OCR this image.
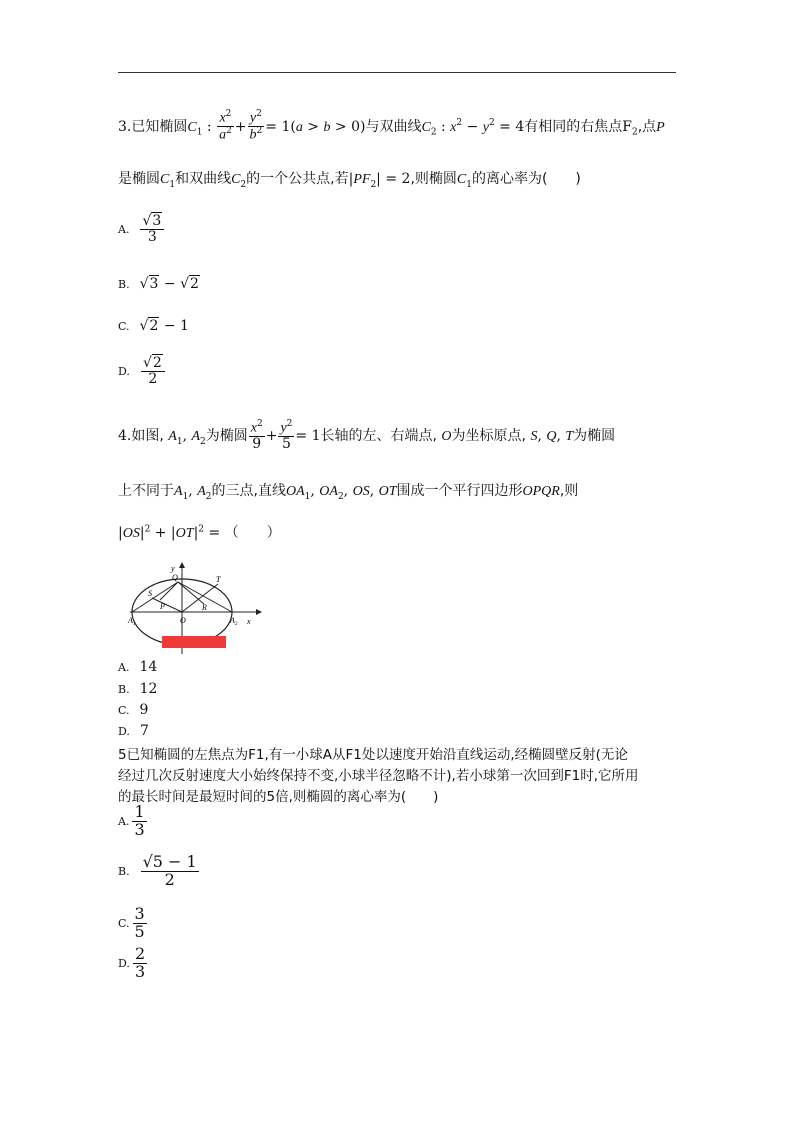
3.已知椭圆$C_1$ : $\frac{x^2}{a^2} + \frac{y^2}{b^2} = 1(a > b > 0)$与双曲线$C_2$ : $x^2 - y^2 = 4$有相同的右焦点$F_2$,点P
是椭圆$C_1$和双曲线$C_2$的一个公共点,若$|PF_2| = 2$,则椭圆$C_1$的离心率为(　　)
A. $\frac{√3}{3}$
B. √3 − √2
C. √2 − 1
D. $\frac{√2}{2}$
4.如图, $A_1$, $A_2$为椭圆 $\frac{x^2}{9} + \frac{y^2}{5} = 1$长轴的左、右端点, O为坐标原点, S, Q, T为椭圆
上不同于$A_1$, $A_2$的三点,直线$OA_1$, $OA_2$, OS, OT围成一个平行四边形OPQR,则
$|OS|^2 + |OT|^2$ = （　　）
y
x
Q	T
S
P	R
O
$A_1$	$A_2$
A. 14
B. 12
C. 9
D. 7
5已知椭圆的左焦点为F1,有一小球A从F1处以速度开始沿直线运动,经椭圆壁反射(无论
经过几次反射速度大小始终保持不变,小球半径忽略不计),若小球第一次回到F1时,它所用
的最长时间是最短时间的5倍,则椭圆的离心率为(　　)
A. $\frac{1}{3}$
B. $\frac{√5 - 1}{2}$
C. $\frac{3}{5}$
D. $\frac{2}{3}$
